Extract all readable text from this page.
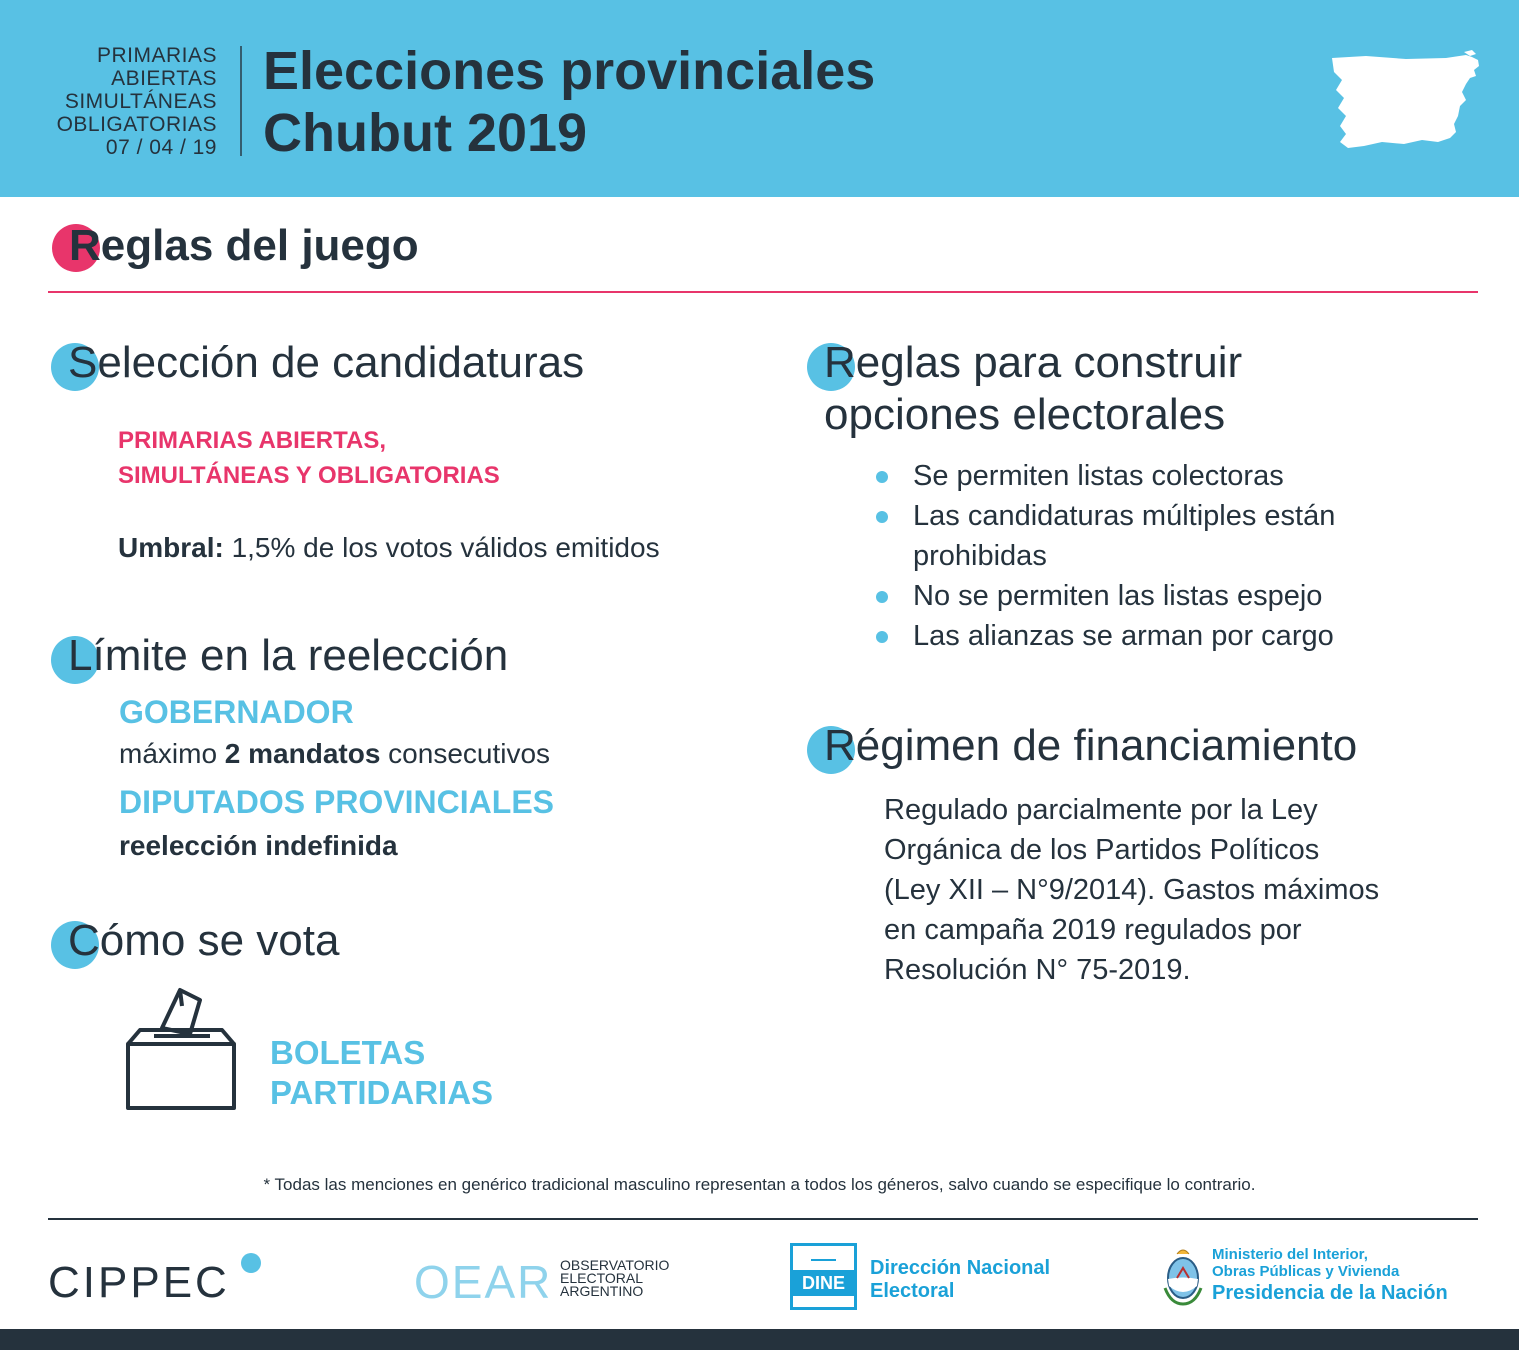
PRIMARIAS
ABIERTAS
SIMULTÁNEAS
OBLIGATORIAS
07 / 04 / 19
Elecciones provinciales
Chubut 2019
Reglas del juego
Selección de candidaturas
PRIMARIAS ABIERTAS,
SIMULTÁNEAS Y OBLIGATORIAS
Umbral: 1,5% de los votos válidos emitidos
Límite en la reelección
GOBERNADOR
máximo 2 mandatos consecutivos
DIPUTADOS PROVINCIALES
reelección indefinida
Cómo se vota
BOLETAS
PARTIDARIAS
Reglas para construir
opciones electorales
Se permiten listas colectoras
Las candidaturas múltiples están
prohibidas
No se permiten las listas espejo
Las alianzas se arman por cargo
Régimen de financiamiento
Regulado parcialmente por la Ley
Orgánica de los Partidos Políticos
(Ley XII – N°9/2014). Gastos máximos
en campaña 2019 regulados por
Resolución N° 75-2019.
* Todas las menciones en genérico tradicional masculino representan a todos los géneros, salvo cuando se especifique lo contrario.
CIPPEC	OEAR OBSERVATORIO
ELECTORAL
ARGENTINO	DINE
Dirección Nacional
Electoral
Ministerio del Interior,
Obras Públicas y Vivienda
Presidencia de la Nación
